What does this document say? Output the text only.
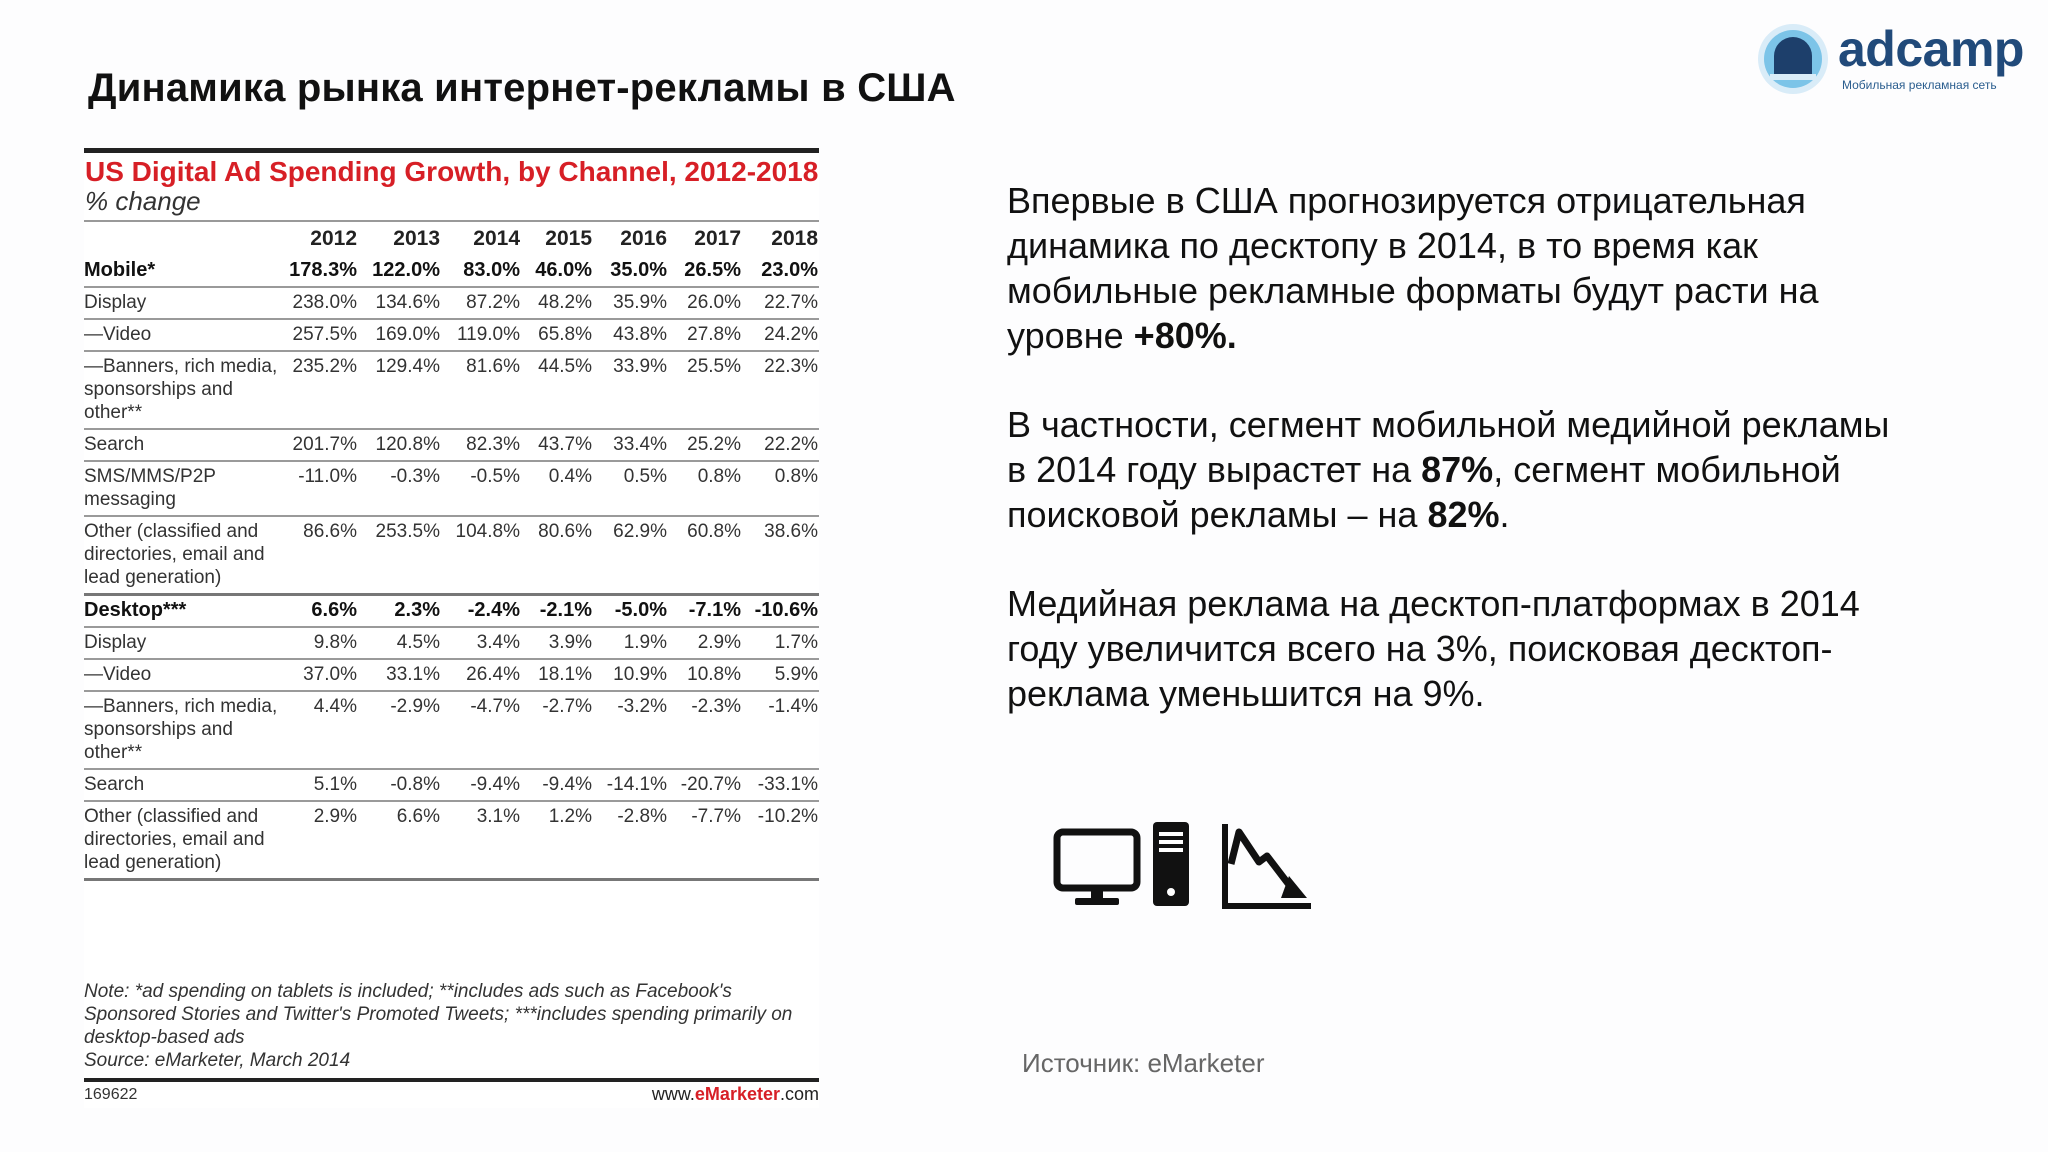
Динамика рынка интернет-рекламы в США
adcamp
Мобильная рекламная сеть
US Digital Ad Spending Growth, by Channel, 2012-2018
% change
	2012	2013	2014	2015	2016	2017	2018
Mobile*	178.3%	122.0%	83.0%	46.0%	35.0%	26.5%	23.0%
Display	238.0%	134.6%	87.2%	48.2%	35.9%	26.0%	22.7%
—Video	257.5%	169.0%	119.0%	65.8%	43.8%	27.8%	24.2%
—Banners, rich media, sponsorships and other**	235.2%	129.4%	81.6%	44.5%	33.9%	25.5%	22.3%
Search	201.7%	120.8%	82.3%	43.7%	33.4%	25.2%	22.2%
SMS/MMS/P2P messaging	-11.0%	-0.3%	-0.5%	0.4%	0.5%	0.8%	0.8%
Other (classified and directories, email and lead generation)	86.6%	253.5%	104.8%	80.6%	62.9%	60.8%	38.6%
Desktop***	6.6%	2.3%	-2.4%	-2.1%	-5.0%	-7.1%	-10.6%
Display	9.8%	4.5%	3.4%	3.9%	1.9%	2.9%	1.7%
—Video	37.0%	33.1%	26.4%	18.1%	10.9%	10.8%	5.9%
—Banners, rich media, sponsorships and other**	4.4%	-2.9%	-4.7%	-2.7%	-3.2%	-2.3%	-1.4%
Search	5.1%	-0.8%	-9.4%	-9.4%	-14.1%	-20.7%	-33.1%
Other (classified and directories, email and lead generation)	2.9%	6.6%	3.1%	1.2%	-2.8%	-7.7%	-10.2%
Note: *ad spending on tablets is included; **includes ads such as Facebook's Sponsored Stories and Twitter's Promoted Tweets; ***includes spending primarily on desktop-based ads
Source: eMarketer, March 2014
169622	www.eMarketer.com

Впервые в США прогнозируется отрицательная динамика по десктопу в 2014, в то время как мобильные рекламные форматы будут расти на уровне +80%.

В частности, сегмент мобильной медийной рекламы в 2014 году вырастет на 87%, сегмент мобильной поисковой рекламы – на 82%.

Медийная реклама на десктоп-платформах в 2014 году увеличится всего на 3%, поисковая десктоп-реклама уменьшится на 9%.

Источник: eMarketer
